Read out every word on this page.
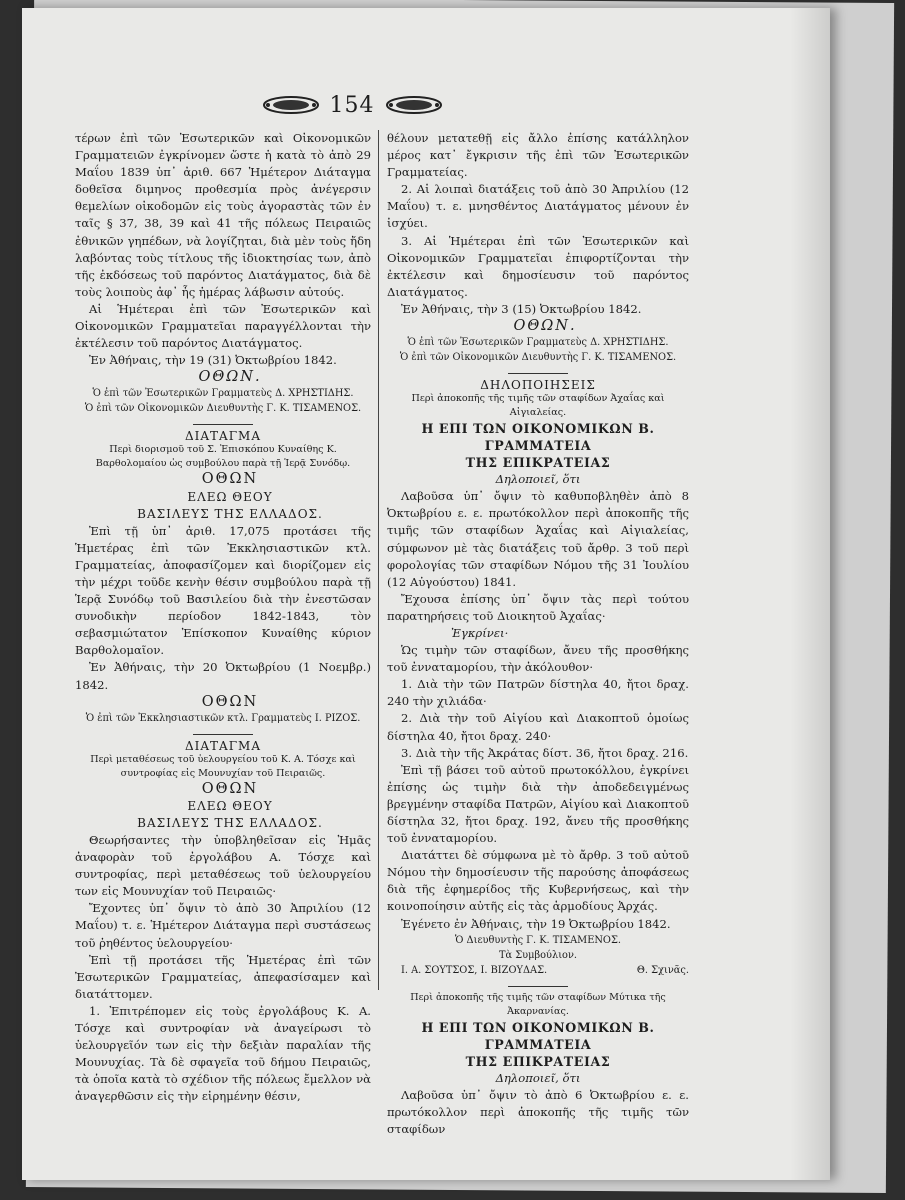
154

τέρων ἐπὶ τῶν Ἐσωτερικῶν καὶ Οἰκονομικῶν Γραμματειῶν ἐγκρίνομεν ὥστε ἡ κατὰ τὸ ἀπὸ 29 Μαΐου 1839 ὑπ᾿ ἀριθ. 667 Ἡμέτερον Διάταγμα δοθεῖσα διμηνος προθεσμία πρὸς ἀνέγερσιν θεμελίων οἰκοδομῶν εἰς τοὺς ἀγοραστὰς τῶν ἐν ταῖς § 37, 38, 39 καὶ 41 τῆς πόλεως Πειραιῶς ἐθνικῶν γηπέδων, νὰ λογίζηται, διὰ μὲν τοὺς ἤδη λαβόντας τοὺς τίτλους τῆς ἰδιοκτησίας των, ἀπὸ τῆς ἐκδόσεως τοῦ παρόντος Διατάγματος, διὰ δὲ τοὺς λοιποὺς ἀφ᾿ ἧς ἡμέρας λάβωσιν αὐτούς.

Αἱ Ἡμέτεραι ἐπὶ τῶν Ἐσωτερικῶν καὶ Οἰκονομικῶν Γραμματεῖαι παραγγέλλονται τὴν ἐκτέλεσιν τοῦ παρόντος Διατάγματος.

Ἐν Ἀθήναις, τὴν 19 (31) Ὀκτωβρίου 1842.

ΟΘΩΝ.

Ὁ ἐπὶ τῶν Ἐσωτερικῶν Γραμματεὺς Δ. ΧΡΗΣΤΙΔΗΣ.
Ὁ ἐπὶ τῶν Οἰκονομικῶν Διευθυντὴς Γ. Κ. ΤΙΣΑΜΕΝΟΣ.

ΔΙΑΤΑΓΜΑ

Περὶ διορισμοῦ τοῦ Σ. Ἐπισκόπου Κυναίθης Κ. Βαρθολομαίου ὡς συμβούλου παρὰ τῇ Ἱερᾷ Συνόδῳ.

ΟΘΩΝ

ΕΛΕΩ ΘΕΟΥ

ΒΑΣΙΛΕΥΣ ΤΗΣ ΕΛΛΑΔΟΣ.

Ἐπὶ τῇ ὑπ᾿ ἀριθ. 17,075 προτάσει τῆς Ἡμετέρας ἐπὶ τῶν Ἐκκλησιαστικῶν κτλ. Γραμματείας, ἀποφασίζομεν καὶ διορίζομεν εἰς τὴν μέχρι τοῦδε κενὴν θέσιν συμβούλου παρὰ τῇ Ἱερᾷ Συνόδῳ τοῦ Βασιλείου διὰ τὴν ἐνεστῶσαν συνοδικὴν περίοδον 1842-1843, τὸν σεβασμιώτατον Ἐπίσκοπον Κυναίθης κύριον Βαρθολομαῖον.

Ἐν Ἀθήναις, τὴν 20 Ὀκτωβρίου (1 Νοεμβρ.) 1842.

ΟΘΩΝ

Ὁ ἐπὶ τῶν Ἐκκλησιαστικῶν κτλ. Γραμματεὺς Ι. ΡΙΖΟΣ.

ΔΙΑΤΑΓΜΑ

Περὶ μεταθέσεως τοῦ ὑελουργείου τοῦ Κ. Α. Τόσχε καὶ συντροφίας εἰς Μουνυχίαν τοῦ Πειραιῶς.

ΟΘΩΝ

ΕΛΕΩ ΘΕΟΥ

ΒΑΣΙΛΕΥΣ ΤΗΣ ΕΛΛΑΔΟΣ.

Θεωρήσαντες τὴν ὑποβληθεῖσαν εἰς Ἡμᾶς ἀναφορὰν τοῦ ἐργολάβου Α. Τόσχε καὶ συντροφίας, περὶ μεταθέσεως τοῦ ὑελουργείου των εἰς Μουνυχίαν τοῦ Πειραιῶς·

Ἔχοντες ὑπ᾿ ὄψιν τὸ ἀπὸ 30 Ἀπριλίου (12 Μαΐου) τ. ε. Ἡμέτερον Διάταγμα περὶ συστάσεως τοῦ ῥηθέντος ὑελουργείου·

Ἐπὶ τῇ προτάσει τῆς Ἡμετέρας ἐπὶ τῶν Ἐσωτερικῶν Γραμματείας, ἀπεφασίσαμεν καὶ διατάττομεν.

1. Ἐπιτρέπομεν εἰς τοὺς ἐργολάβους Κ. Α. Τόσχε καὶ συντροφίαν νὰ ἀναγείρωσι τὸ ὑελουργεῖόν των εἰς τὴν δεξιὰν παραλίαν τῆς Μουνυχίας. Τὰ δὲ σφαγεῖα τοῦ δήμου Πειραιῶς, τὰ ὁποῖα κατὰ τὸ σχέδιον τῆς πόλεως ἔμελλον νὰ ἀναγερθῶσιν εἰς τὴν εἰρημένην θέσιν,

θέλουν μετατεθῇ εἰς ἄλλο ἐπίσης κατάλληλον μέρος κατ᾿ ἔγκρισιν τῆς ἐπὶ τῶν Ἐσωτερικῶν Γραμματείας.

2. Αἱ λοιπαὶ διατάξεις τοῦ ἀπὸ 30 Ἀπριλίου (12 Μαΐου) τ. ε. μνησθέντος Διατάγματος μένουν ἐν ἰσχύει.

3. Αἱ Ἡμέτεραι ἐπὶ τῶν Ἐσωτερικῶν καὶ Οἰκονομικῶν Γραμματεῖαι ἐπιφορτίζονται τὴν ἐκτέλεσιν καὶ δημοσίευσιν τοῦ παρόντος Διατάγματος.

Ἐν Ἀθήναις, τὴν 3 (15) Ὀκτωβρίου 1842.

ΟΘΩΝ.

Ὁ ἐπὶ τῶν Ἐσωτερικῶν Γραμματεὺς Δ. ΧΡΗΣΤΙΔΗΣ.
Ὁ ἐπὶ τῶν Οἰκονομικῶν Διευθυντὴς Γ. Κ. ΤΙΣΑΜΕΝΟΣ.

ΔΗΛΟΠΟΙΗΣΕΙΣ

Περὶ ἀποκοπῆς τῆς τιμῆς τῶν σταφίδων Ἀχαΐας καὶ Αἰγιαλείας.

Η ΕΠΙ ΤΩΝ ΟΙΚΟΝΟΜΙΚΩΝ Β. ΓΡΑΜΜΑΤΕΙΑ
ΤΗΣ ΕΠΙΚΡΑΤΕΙΑΣ

Δηλοποιεῖ, ὅτι

Λαβοῦσα ὑπ᾿ ὄψιν τὸ καθυποβληθὲν ἀπὸ 8 Ὀκτωβρίου ε. ε. πρωτόκολλον περὶ ἀποκοπῆς τῆς τιμῆς τῶν σταφίδων Ἀχαΐας καὶ Αἰγιαλείας, σύμφωνον μὲ τὰς διατάξεις τοῦ ἄρθρ. 3 τοῦ περὶ φορολογίας τῶν σταφίδων Νόμου τῆς 31 Ἰουλίου (12 Αὐγούστου) 1841.

Ἔχουσα ἐπίσης ὑπ᾿ ὄψιν τὰς περὶ τούτου παρατηρήσεις τοῦ Διοικητοῦ Ἀχαΐας·

Ἐγκρίνει·

Ὡς τιμὴν τῶν σταφίδων, ἄνευ τῆς προσθήκης τοῦ ἐνναταμορίου, τὴν ἀκόλουθον·

1. Διὰ τὴν τῶν Πατρῶν δίστηλα 40, ἤτοι δραχ. 240 τὴν χιλιάδα·

2. Διὰ τὴν τοῦ Αἰγίου καὶ Διακοπτοῦ ὁμοίως δίστηλα 40, ἤτοι δραχ. 240·

3. Διὰ τὴν τῆς Ἀκράτας δίστ. 36, ἤτοι δραχ. 216.

Ἐπὶ τῇ βάσει τοῦ αὐτοῦ πρωτοκόλλου, ἐγκρίνει ἐπίσης ὡς τιμὴν διὰ τὴν ἀποδεδειγμένως βρεγμένην σταφίδα Πατρῶν, Αἰγίου καὶ Διακοπτοῦ δίστηλα 32, ἤτοι δραχ. 192, ἄνευ τῆς προσθήκης τοῦ ἐνναταμορίου.

Διατάττει δὲ σύμφωνα μὲ τὸ ἄρθρ. 3 τοῦ αὐτοῦ Νόμου τὴν δημοσίευσιν τῆς παρούσης ἀποφάσεως διὰ τῆς ἐφημερίδος τῆς Κυβερνήσεως, καὶ τὴν κοινοποίησιν αὐτῆς εἰς τὰς ἁρμοδίους Ἀρχάς.

Ἐγένετο ἐν Ἀθήναις, τὴν 19 Ὀκτωβρίου 1842.

Ὁ Διευθυντὴς Γ. Κ. ΤΙΣΑΜΕΝΟΣ.
Τὰ Συμβούλιον.
Ι. Α. ΣΟΥΤΣΟΣ, Ι. ΒΙΖΟΥΔΑΣ.	Θ. Σχινᾶς.

Περὶ ἀποκοπῆς τῆς τιμῆς τῶν σταφίδων Μύτικα τῆς Ἀκαρνανίας.

Η ΕΠΙ ΤΩΝ ΟΙΚΟΝΟΜΙΚΩΝ Β. ΓΡΑΜΜΑΤΕΙΑ
ΤΗΣ ΕΠΙΚΡΑΤΕΙΑΣ

Δηλοποιεῖ, ὅτι

Λαβοῦσα ὑπ᾿ ὄψιν τὸ ἀπὸ 6 Ὀκτωβρίου ε. ε. πρωτόκολλον περὶ ἀποκοπῆς τῆς τιμῆς τῶν σταφίδων
